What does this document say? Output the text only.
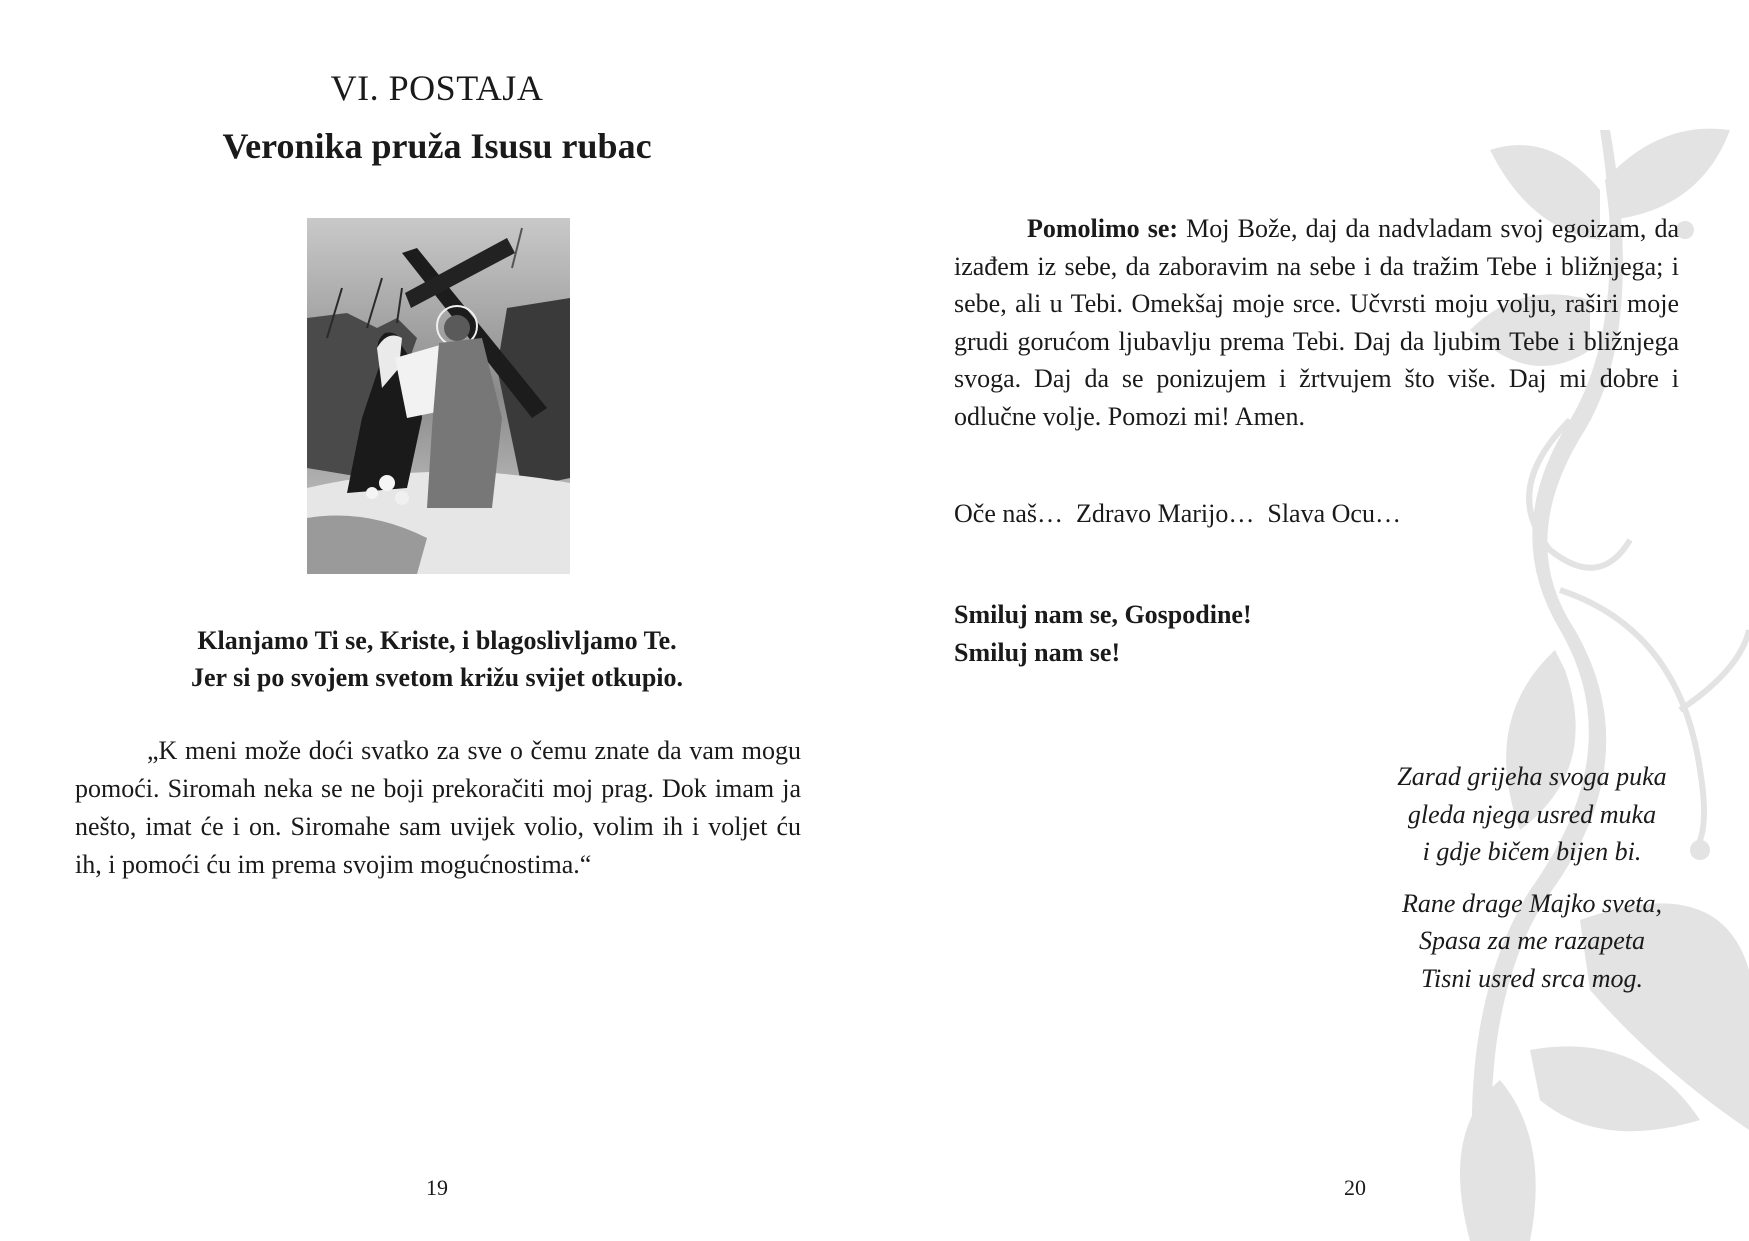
VI. POSTAJA
Veronika pruža Isusu rubac
Klanjamo Ti se, Kriste, i blagoslivljamo Te.
Jer si po svojem svetom križu svijet otkupio.

„K meni može doći svatko za sve o čemu znate da vam mogu pomoći. Siromah neka se ne boji prekoračiti moj prag. Dok imam ja nešto, imat će i on. Siromahe sam uvijek volio, volim ih i voljet ću ih, i pomoći ću im prema svojim mogućnostima.“

19

Pomolimo se: Moj Bože, daj da nadvladam svoj egoizam, da izađem iz sebe, da zaboravim na sebe i da tražim Tebe i bližnjega; i sebe, ali u Tebi. Omekšaj moje srce. Učvrsti moju volju, raširi moje grudi gorućom ljubavlju prema Tebi. Daj da ljubim Tebe i bližnjega svoga. Daj da se ponizujem i žrtvujem što više. Daj mi dobre i odlučne volje. Pomozi mi! Amen.

Oče naš…  Zdravo Marijo…  Slava Ocu…
Smiluj nam se, Gospodine!
Smiluj nam se!
Zarad grijeha svoga puka
gleda njega usred muka
i gdje bičem bijen bi.
Rane drage Majko sveta,
Spasa za me razapeta
Tisni usred srca mog.
20
